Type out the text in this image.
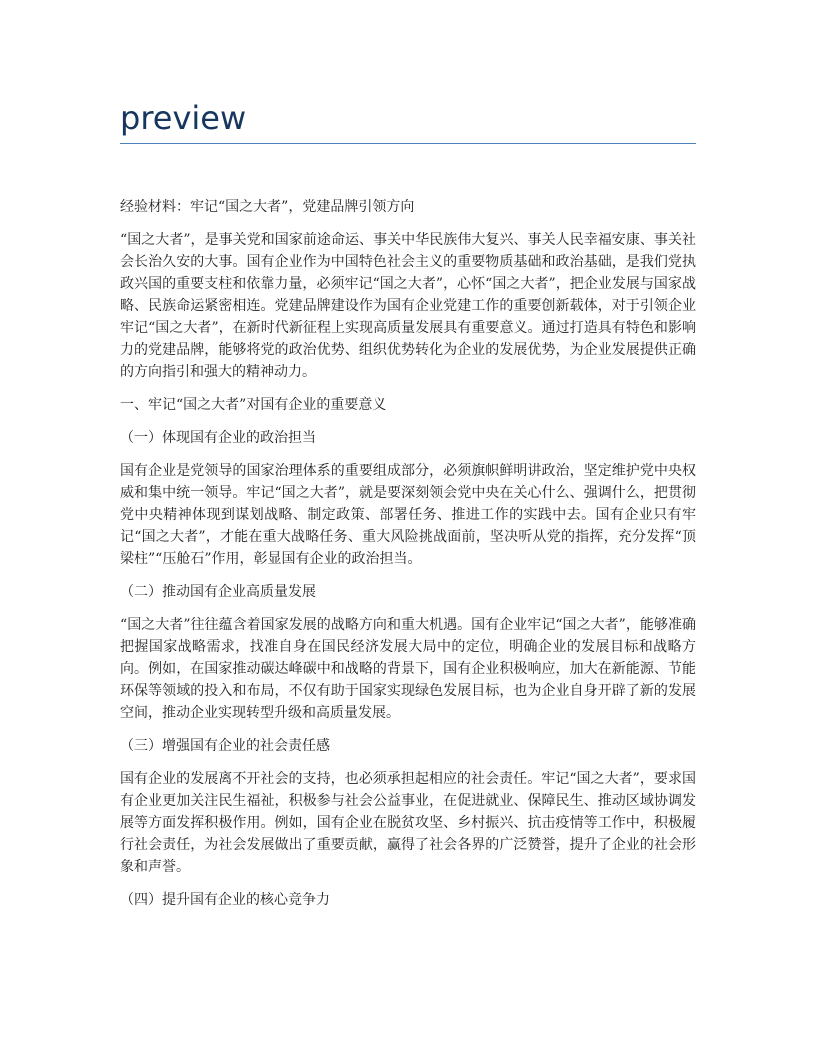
preview

经验材料：牢记“国之大者”，党建品牌引领方向

“国之大者”，是事关党和国家前途命运、事关中华民族伟大复兴、事关人民幸福安康、事关社会长治久安的大事。国有企业作为中国特色社会主义的重要物质基础和政治基础，是我们党执政兴国的重要支柱和依靠力量，必须牢记“国之大者”，心怀“国之大者”，把企业发展与国家战略、民族命运紧密相连。党建品牌建设作为国有企业党建工作的重要创新载体，对于引领企业牢记“国之大者”，在新时代新征程上实现高质量发展具有重要意义。通过打造具有特色和影响力的党建品牌，能够将党的政治优势、组织优势转化为企业的发展优势，为企业发展提供正确的方向指引和强大的精神动力。

一、牢记“国之大者”对国有企业的重要意义

（一）体现国有企业的政治担当

国有企业是党领导的国家治理体系的重要组成部分，必须旗帜鲜明讲政治，坚定维护党中央权威和集中统一领导。牢记“国之大者”，就是要深刻领会党中央在关心什么、强调什么，把贯彻党中央精神体现到谋划战略、制定政策、部署任务、推进工作的实践中去。国有企业只有牢记“国之大者”，才能在重大战略任务、重大风险挑战面前，坚决听从党的指挥，充分发挥“顶梁柱”“压舱石”作用，彰显国有企业的政治担当。

（二）推动国有企业高质量发展

“国之大者”往往蕴含着国家发展的战略方向和重大机遇。国有企业牢记“国之大者”，能够准确把握国家战略需求，找准自身在国民经济发展大局中的定位，明确企业的发展目标和战略方向。例如，在国家推动碳达峰碳中和战略的背景下，国有企业积极响应，加大在新能源、节能环保等领域的投入和布局，不仅有助于国家实现绿色发展目标，也为企业自身开辟了新的发展空间，推动企业实现转型升级和高质量发展。

（三）增强国有企业的社会责任感

国有企业的发展离不开社会的支持，也必须承担起相应的社会责任。牢记“国之大者”，要求国有企业更加关注民生福祉，积极参与社会公益事业，在促进就业、保障民生、推动区域协调发展等方面发挥积极作用。例如，国有企业在脱贫攻坚、乡村振兴、抗击疫情等工作中，积极履行社会责任，为社会发展做出了重要贡献，赢得了社会各界的广泛赞誉，提升了企业的社会形象和声誉。

（四）提升国有企业的核心竞争力
